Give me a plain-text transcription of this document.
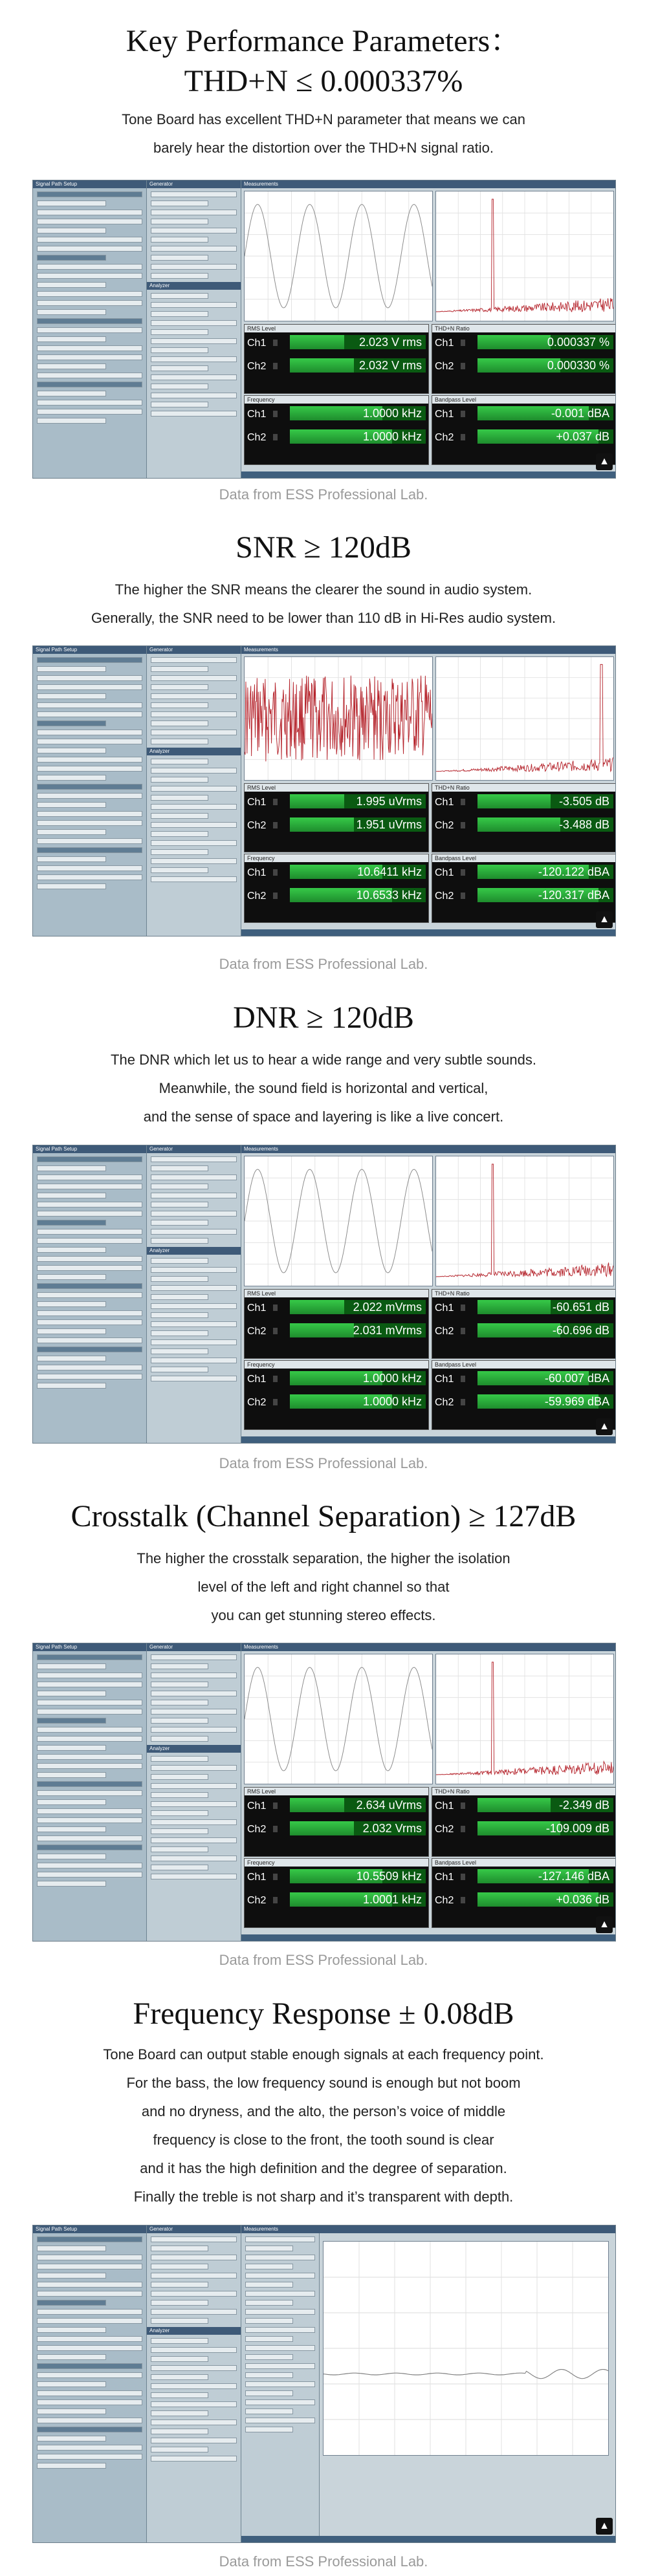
Key Performance Parameters：
THD+N ≤ 0.000337%
Tone Board has excellent THD+N parameter that means we can
barely hear the distortion over the THD+N signal ratio.
Signal Path Setup	Generator
Analyzer
Measurements
RMS Level
Ch1	2.023 V rms
Ch2	2.032 V rms
THD+N Ratio
Ch1	0.000337 %
Ch2	0.000330 %
Frequency
Ch1	1.0000 kHz
Ch2	1.0000 kHz
Bandpass Level
Ch1	-0.001 dBA
Ch2	+0.037 dB
▲
Data from ESS Professional Lab.
SNR ≥ 120dB
The higher the SNR means the clearer the sound in audio system.
Generally, the SNR need to be lower than 110 dB in Hi-Res audio system.
Signal Path Setup	Generator
Analyzer
Measurements
RMS Level
Ch1	1.995 uVrms
Ch2	1.951 uVrms
THD+N Ratio
Ch1	-3.505 dB
Ch2	-3.488 dB
Frequency
Ch1	10.6411 kHz
Ch2	10.6533 kHz
Bandpass Level
Ch1	-120.122 dBA
Ch2	-120.317 dBA
▲
Data from ESS Professional Lab.
DNR ≥ 120dB
The DNR which let us to hear a wide range and very subtle sounds.
Meanwhile, the sound field is horizontal and vertical,
and the sense of space and layering is like a live concert.
Signal Path Setup	Generator
Analyzer
Measurements
RMS Level
Ch1	2.022 mVrms
Ch2	2.031 mVrms
THD+N Ratio
Ch1	-60.651 dB
Ch2	-60.696 dB
Frequency
Ch1	1.0000 kHz
Ch2	1.0000 kHz
Bandpass Level
Ch1	-60.007 dBA
Ch2	-59.969 dBA
▲
Data from ESS Professional Lab.
Crosstalk (Channel Separation) ≥ 127dB
The higher the crosstalk separation, the higher the isolation
level of the left and right channel so that
you can get stunning stereo effects.
Signal Path Setup	Generator
Analyzer
Measurements
RMS Level
Ch1	2.634 uVrms
Ch2	2.032 Vrms
THD+N Ratio
Ch1	-2.349 dB
Ch2	-109.009 dB
Frequency
Ch1	10.5509 kHz
Ch2	1.0001 kHz
Bandpass Level
Ch1	-127.146 dBA
Ch2	+0.036 dB
▲
Data from ESS Professional Lab.
Frequency Response ± 0.08dB
Tone Board can output stable enough signals at each frequency point.
For the bass, the low frequency sound is enough but not boom
and no dryness, and the alto, the person’s voice of middle
frequency is close to the front, the tooth sound is clear
and it has the high definition and the degree of separation.
Finally the treble is not sharp and it’s transparent with depth.
Signal Path Setup	Generator
Analyzer
Measurements
▲
Data from ESS Professional Lab.
